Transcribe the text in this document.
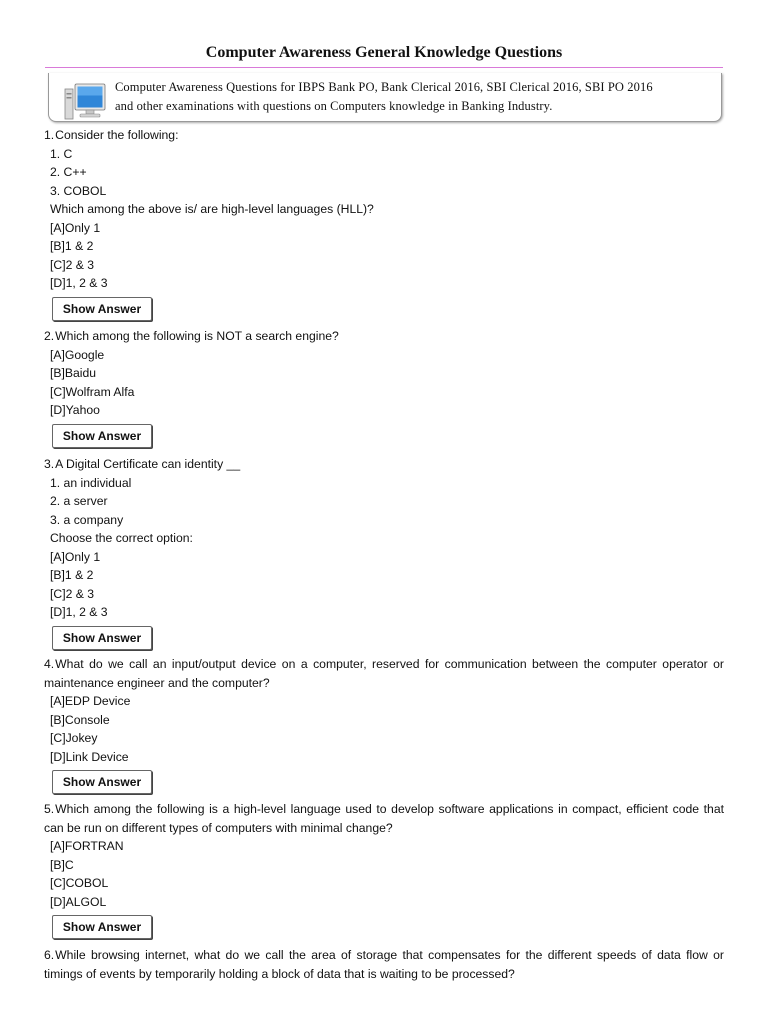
Computer Awareness General Knowledge Questions
Computer Awareness Questions for IBPS Bank PO, Bank Clerical 2016, SBI Clerical 2016, SBI PO 2016
and other examinations with questions on Computers knowledge in Banking Industry.
1.Consider the following:
1. C
2. C++
3. COBOL
Which among the above is/ are high-level languages (HLL)?
[A]Only 1
[B]1 & 2
[C]2 & 3
[D]1, 2 & 3
Show Answer
2.Which among the following is NOT a search engine?
[A]Google
[B]Baidu
[C]Wolfram Alfa
[D]Yahoo
Show Answer
3.A Digital Certificate can identity __
1. an individual
2. a server
3. a company
Choose the correct option:
[A]Only 1
[B]1 & 2
[C]2 & 3
[D]1, 2 & 3
Show Answer
4.What do we call an input/output device on a computer, reserved for communication between the computer operator or maintenance engineer and the computer?
[A]EDP Device
[B]Console
[C]Jokey
[D]Link Device
Show Answer
5.Which among the following is a high-level language used to develop software applications in compact, efficient code that can be run on different types of computers with minimal change?
[A]FORTRAN
[B]C
[C]COBOL
[D]ALGOL
Show Answer
6.While browsing internet, what do we call the area of storage that compensates for the different speeds of data flow or timings of events by temporarily holding a block of data that is waiting to be processed?
